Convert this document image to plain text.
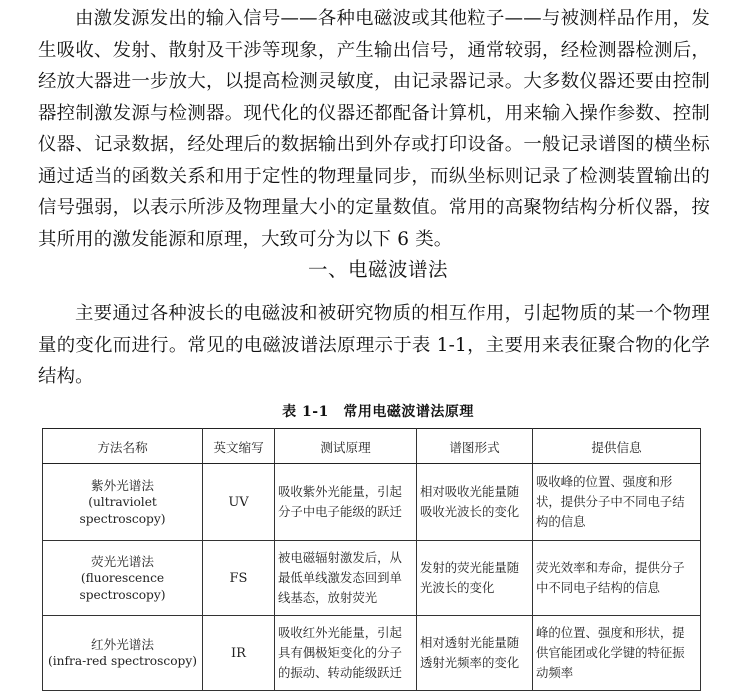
由激发源发出的输入信号——各种电磁波或其他粒子——与被测样品作用，发生吸收、发射、散射及干涉等现象，产生输出信号，通常较弱，经检测器检测后，经放大器进一步放大，以提高检测灵敏度，由记录器记录。大多数仪器还要由控制器控制激发源与检测器。现代化的仪器还都配备计算机，用来输入操作参数、控制仪器、记录数据，经处理后的数据输出到外存或打印设备。一般记录谱图的横坐标通过适当的函数关系和用于定性的物理量同步，而纵坐标则记录了检测装置输出的信号强弱，以表示所涉及物理量大小的定量数值。常用的高聚物结构分析仪器，按其所用的激发能源和原理，大致可分为以下 6 类。

一、电磁波谱法

主要通过各种波长的电磁波和被研究物质的相互作用，引起物质的某一个物理量的变化而进行。常见的电磁波谱法原理示于表 1-1，主要用来表征聚合物的化学结构。

表 1-1　常用电磁波谱法原理
方法名称	英文缩写	测试原理	谱图形式	提供信息

紫外光谱法
(ultraviolet spectroscopy)	UV	吸收紫外光能量，引起分子中电子能级的跃迁	相对吸收光能量随吸收光波长的变化	吸收峰的位置、强度和形状，提供分子中不同电子结构的信息

荧光光谱法
(fluorescence spectroscopy)	FS	被电磁辐射激发后，从最低单线激发态回到单线基态，放射荧光	发射的荧光能量随光波长的变化	荧光效率和寿命，提供分子中不同电子结构的信息

红外光谱法
(infra-red spectroscopy)	IR	吸收红外光能量，引起具有偶极矩变化的分子的振动、转动能级跃迁	相对透射光能量随透射光频率的变化	峰的位置、强度和形状，提供官能团或化学键的特征振动频率
